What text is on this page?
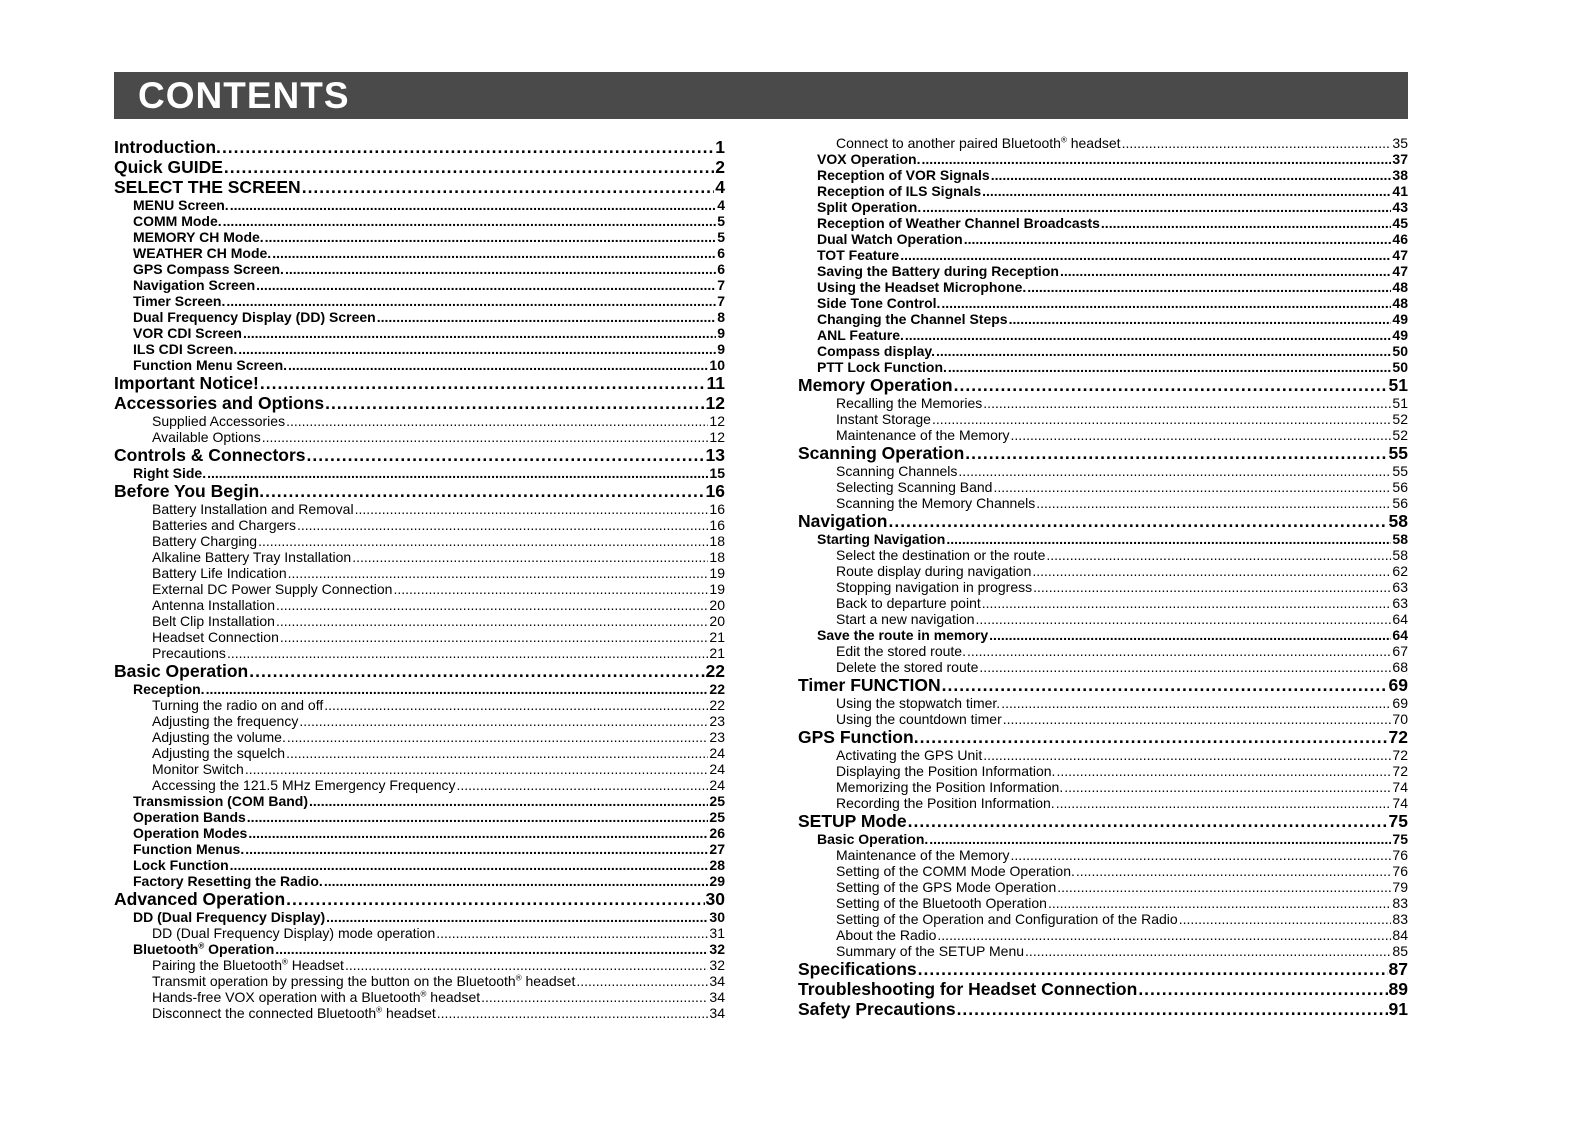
CONTENTS
Introduction. .....	1
Quick GUIDE .....	2
SELECT THE SCREEN .....	4
MENU Screen. .....	4
COMM Mode. .....	5
MEMORY CH Mode. .....	5
WEATHER CH Mode. .....	6
GPS Compass Screen. .....	6
Navigation Screen .....	7
Timer Screen. .....	7
Dual Frequency Display (DD) Screen .....	8
VOR CDI Screen .....	9
ILS CDI Screen. .....	9
Function Menu Screen. .....	10
Important Notice! .....	11
Accessories and Options .....	12
Supplied Accessories .....	12
Available Options .....	12
Controls & Connectors .....	13
Right Side. .....	15
Before You Begin. .....	16
Battery Installation and Removal .....	16
Batteries and Chargers .....	16
Battery Charging .....	18
Alkaline Battery Tray Installation .....	18
Battery Life Indication .....	19
External DC Power Supply Connection .....	19
Antenna Installation .....	20
Belt Clip Installation .....	20
Headset Connection .....	21
Precautions .....	21
Basic Operation .....	22
Reception. .....	22
Turning the radio on and off .....	22
Adjusting the frequency .....	23
Adjusting the volume. .....	23
Adjusting the squelch .....	24
Monitor Switch .....	24
Accessing the 121.5 MHz Emergency Frequency .....	24
Transmission (COM Band) .....	25
Operation Bands .....	25
Operation Modes .....	26
Function Menus. .....	27
Lock Function .....	28
Factory Resetting the Radio. .....	29
Advanced Operation .....	30
DD (Dual Frequency Display) .....	30
DD (Dual Frequency Display) mode operation .....	31
Bluetooth® Operation .....	32
Pairing the Bluetooth® Headset .....	32
Transmit operation by pressing the button on the Bluetooth® headset .....	34
Hands-free VOX operation with a Bluetooth® headset .....	34
Disconnect the connected Bluetooth® headset .....	34
Connect to another paired Bluetooth® headset .....	35
VOX Operation. .....	37
Reception of VOR Signals .....	38
Reception of ILS Signals .....	41
Split Operation. .....	43
Reception of Weather Channel Broadcasts .....	45
Dual Watch Operation .....	46
TOT Feature .....	47
Saving the Battery during Reception .....	47
Using the Headset Microphone. .....	48
Side Tone Control. .....	48
Changing the Channel Steps .....	49
ANL Feature. .....	49
Compass display. .....	50
PTT Lock Function. .....	50
Memory Operation .....	51
Recalling the Memories .....	51
Instant Storage .....	52
Maintenance of the Memory .....	52
Scanning Operation .....	55
Scanning Channels .....	55
Selecting Scanning Band .....	56
Scanning the Memory Channels .....	56
Navigation .....	58
Starting Navigation .....	58
Select the destination or the route .....	58
Route display during navigation .....	62
Stopping navigation in progress .....	63
Back to departure point .....	63
Start a new navigation .....	64
Save the route in memory .....	64
Edit the stored route. .....	67
Delete the stored route .....	68
Timer FUNCTION .....	69
Using the stopwatch timer. .....	69
Using the countdown timer .....	70
GPS Function. .....	72
Activating the GPS Unit .....	72
Displaying the Position Information. .....	72
Memorizing the Position Information. .....	74
Recording the Position Information. .....	74
SETUP Mode .....	75
Basic Operation. .....	75
Maintenance of the Memory .....	76
Setting of the COMM Mode Operation. .....	76
Setting of the GPS Mode Operation .....	79
Setting of the Bluetooth Operation .....	83
Setting of the Operation and Configuration of the Radio .....	83
About the Radio .....	84
Summary of the SETUP Menu .....	85
Specifications .....	87
Troubleshooting for Headset Connection .....	89
Safety Precautions .....	91
